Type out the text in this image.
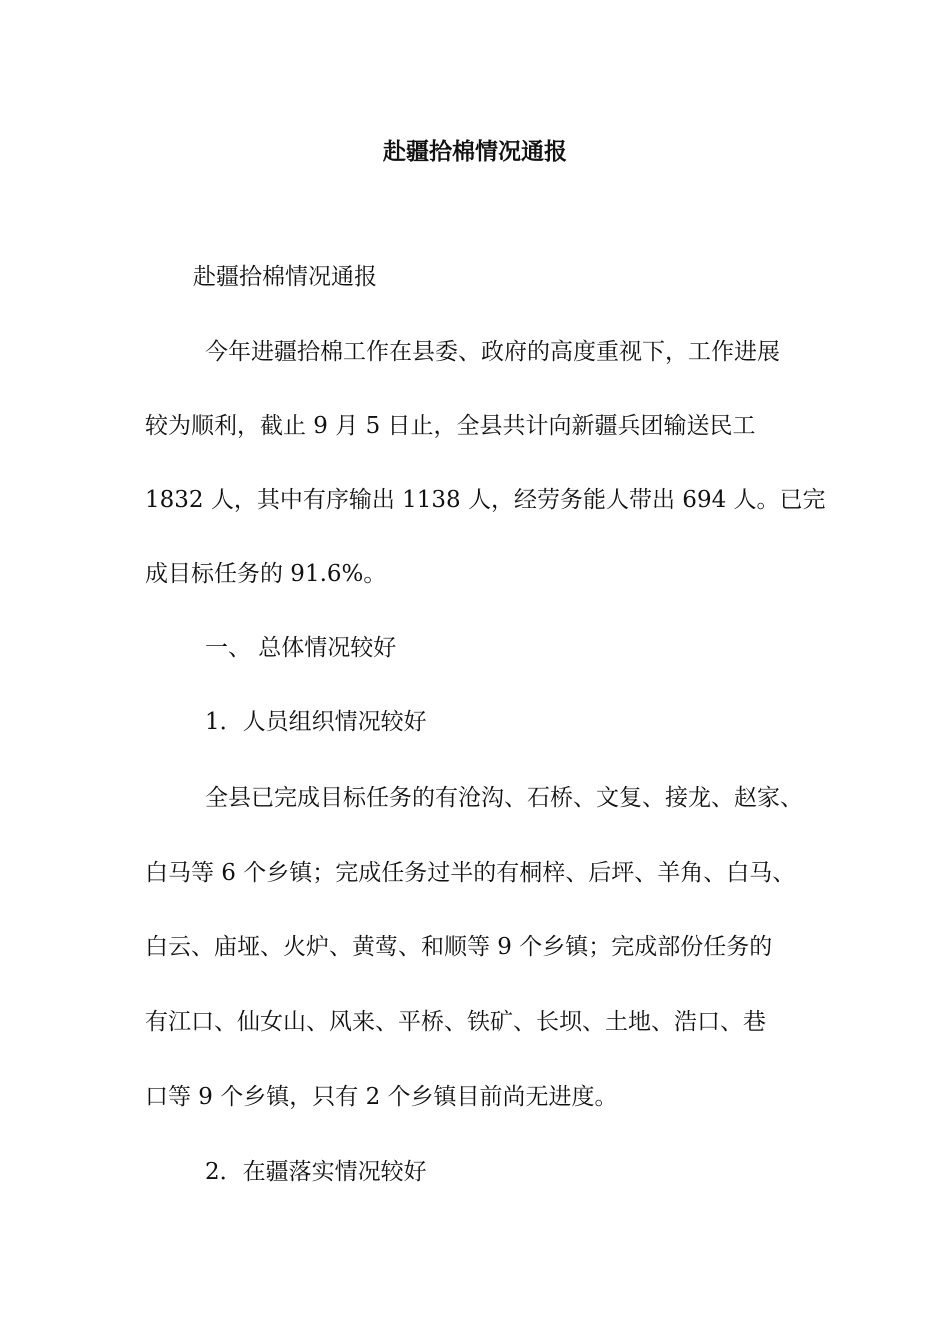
赴疆拾棉情况通报

赴疆拾棉情况通报

今年进疆拾棉工作在县委、政府的高度重视下，工作进展

较为顺利，截止 9 月 5 日止，全县共计向新疆兵团输送民工

1832 人，其中有序输出 1138 人，经劳务能人带出 694 人。已完

成目标任务的 91.6%。

一、 总体情况较好

1．人员组织情况较好

全县已完成目标任务的有沧沟、石桥、文复、接龙、赵家、

白马等 6 个乡镇；完成任务过半的有桐梓、后坪、羊角、白马、

白云、庙垭、火炉、黄莺、和顺等 9 个乡镇；完成部份任务的

有江口、仙女山、风来、平桥、铁矿、长坝、土地、浩口、巷

口等 9 个乡镇，只有 2 个乡镇目前尚无进度。

2．在疆落实情况较好
